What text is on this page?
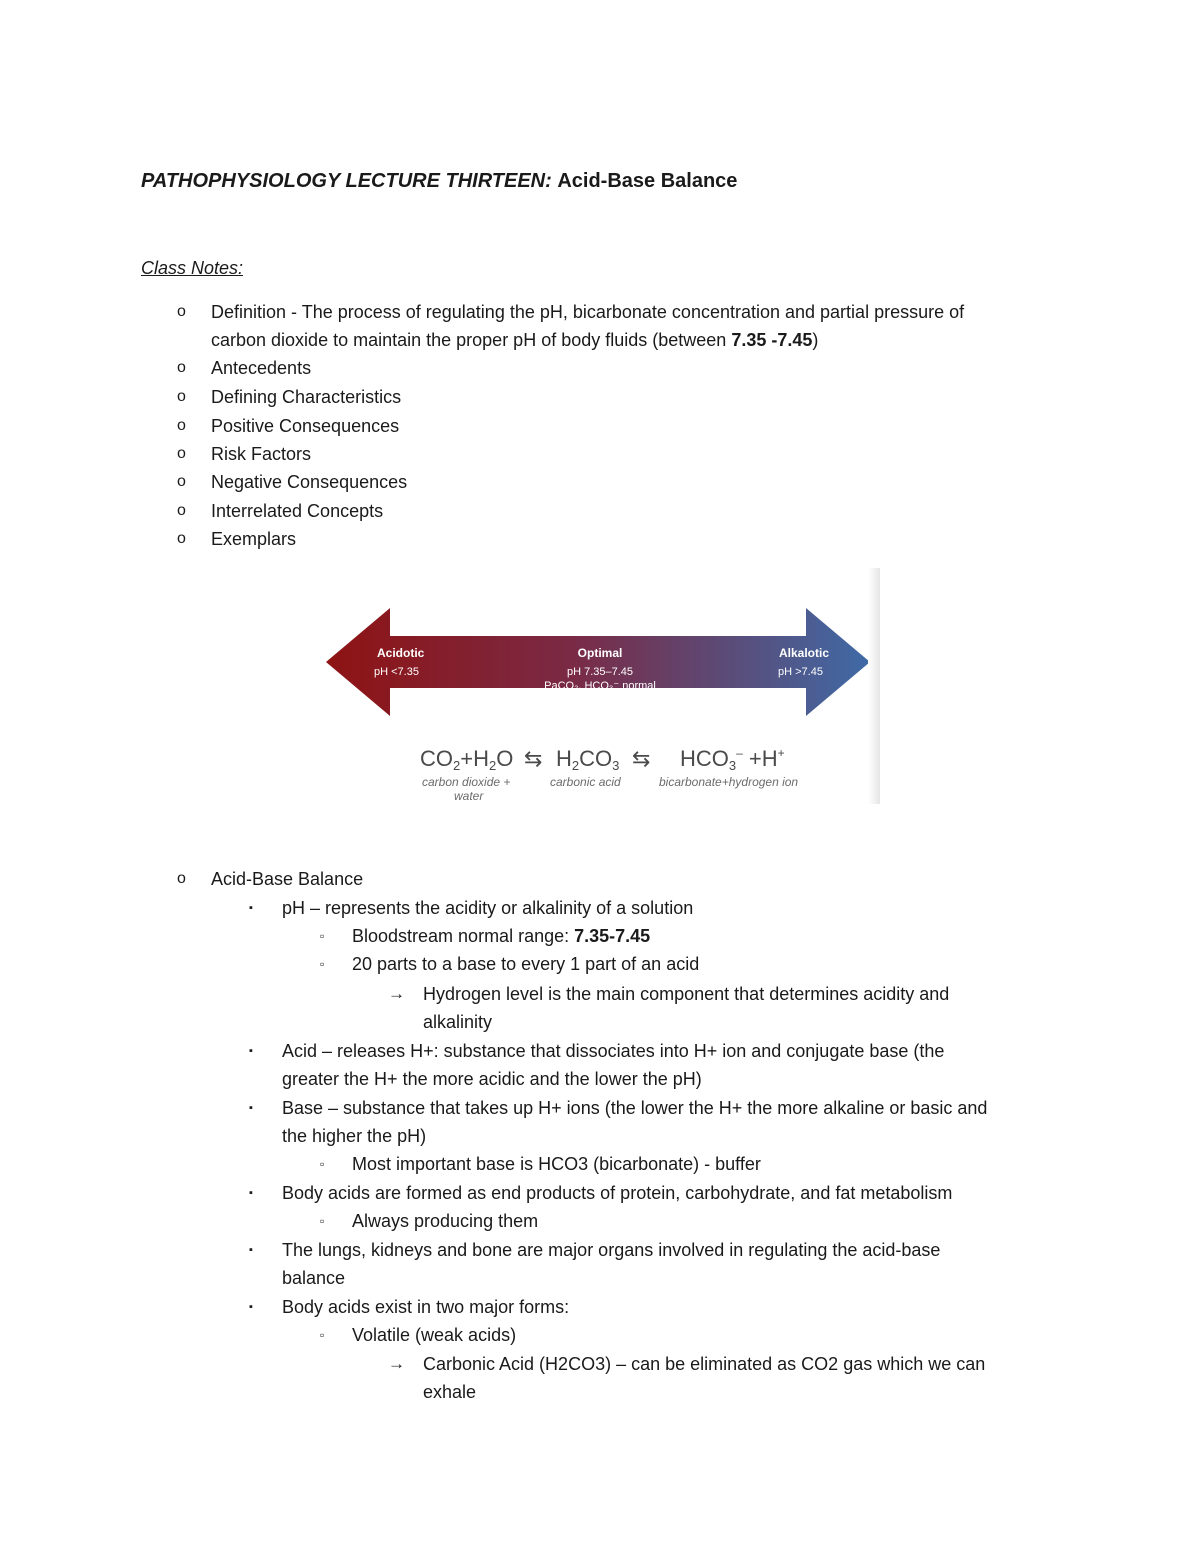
PATHOPHYSIOLOGY LECTURE THIRTEEN: Acid-Base Balance
Class Notes:
o Definition - The process of regulating the pH, bicarbonate concentration and partial pressure of
carbon dioxide to maintain the proper pH of body fluids (between 7.35 -7.45)
o Antecedents
o Defining Characteristics
o Positive Consequences
o Risk Factors
o Negative Consequences
o Interrelated Concepts
o Exemplars
Acidotic
pH <7.35
Optimal
pH 7.35–7.45
PaCO₂, HCO₃⁻ normal
Alkalotic
pH >7.45
CO2+H2O ⇆ H2CO3 ⇆ HCO3– +H+
carbon dioxide +
water
carbonic acid	bicarbonate+hydrogen ion
o Acid-Base Balance
▪ pH – represents the acidity or alkalinity of a solution
▫ Bloodstream normal range: 7.35-7.45
▫ 20 parts to a base to every 1 part of an acid
→ Hydrogen level is the main component that determines acidity and
alkalinity
▪ Acid – releases H+: substance that dissociates into H+ ion and conjugate base (the
greater the H+ the more acidic and the lower the pH)
▪ Base – substance that takes up H+ ions (the lower the H+ the more alkaline or basic and
the higher the pH)
▫ Most important base is HCO3 (bicarbonate) - buffer
▪ Body acids are formed as end products of protein, carbohydrate, and fat metabolism
▫ Always producing them
▪ The lungs, kidneys and bone are major organs involved in regulating the acid-base
balance
▪ Body acids exist in two major forms:
▫ Volatile (weak acids)
→ Carbonic Acid (H2CO3) – can be eliminated as CO2 gas which we can
exhale
